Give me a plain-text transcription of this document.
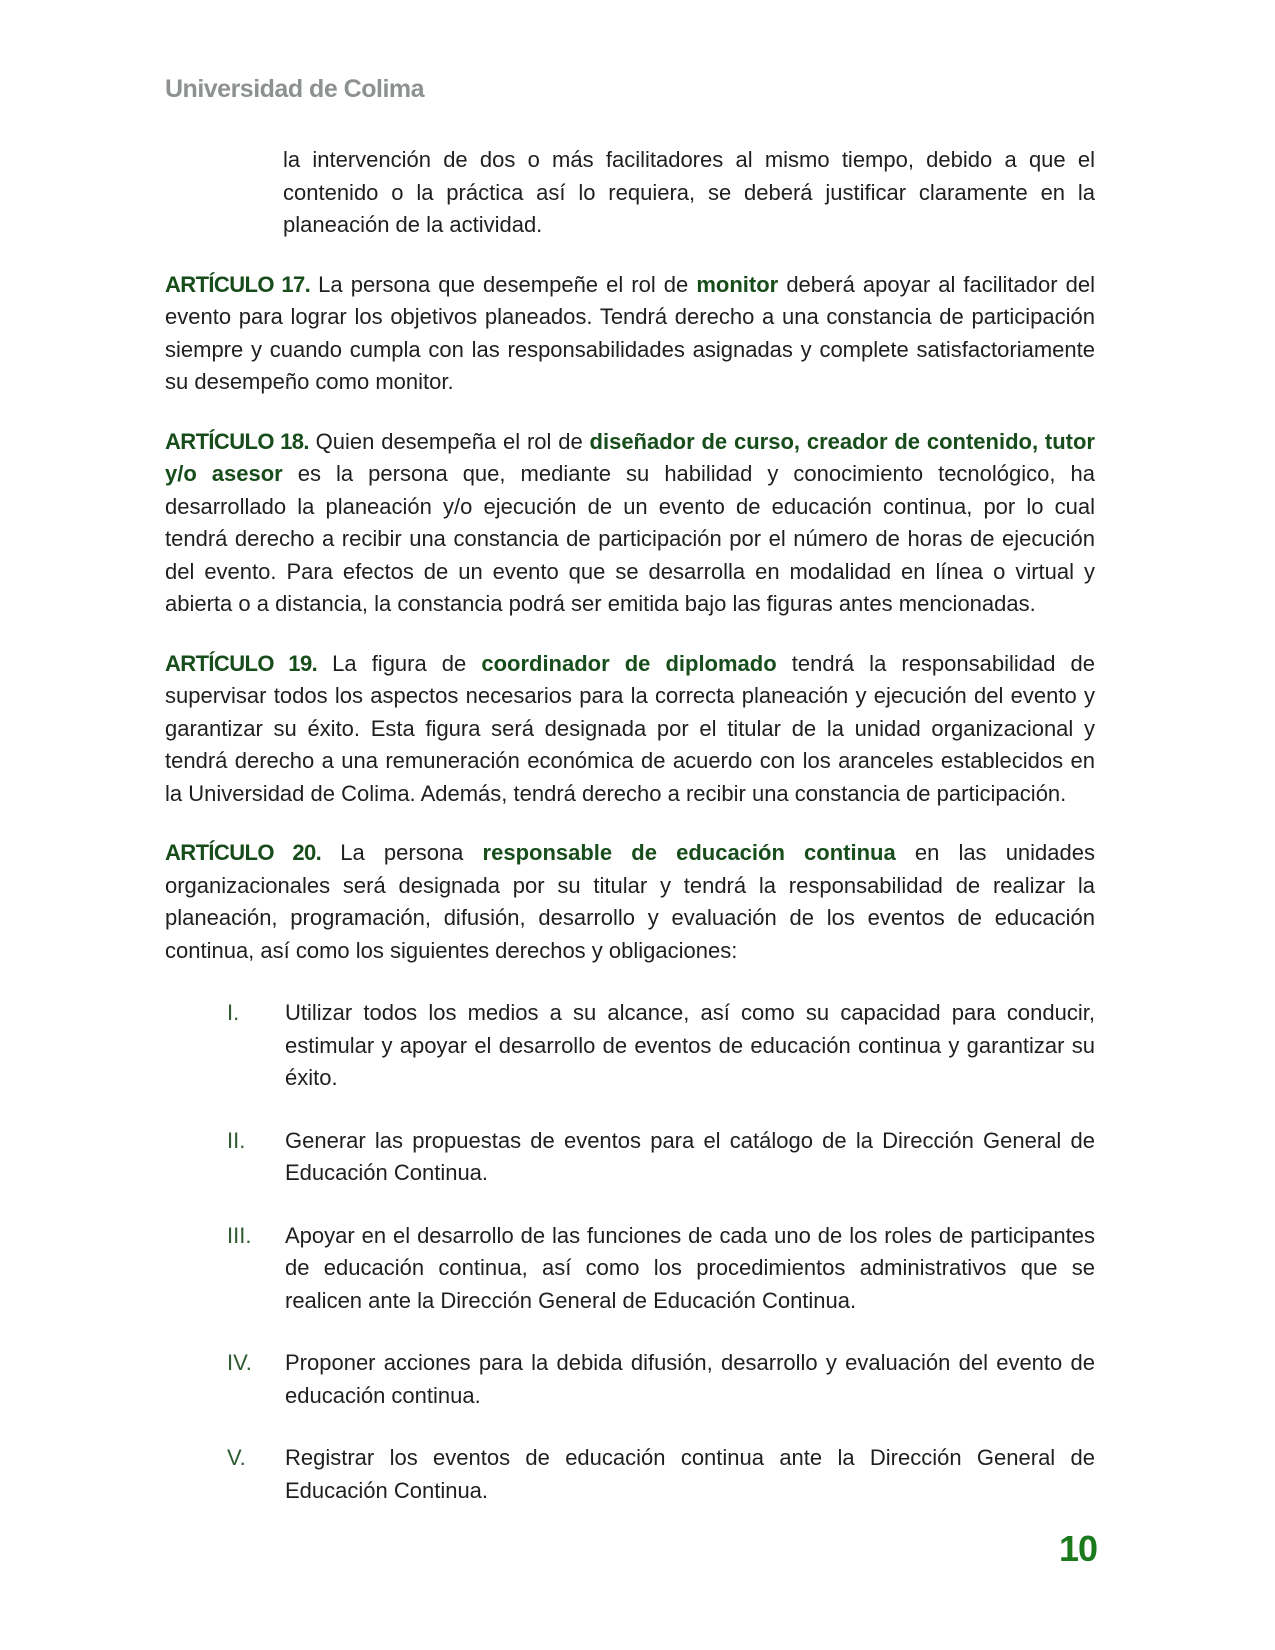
Universidad de Colima

la intervención de dos o más facilitadores al mismo tiempo, debido a que el contenido o la práctica así lo requiera, se deberá justificar claramente en la planeación de la actividad.

ARTÍCULO 17. La persona que desempeñe el rol de monitor deberá apoyar al facilitador del evento para lograr los objetivos planeados. Tendrá derecho a una constancia de participación siempre y cuando cumpla con las responsabilidades asignadas y complete satisfactoriamente su desempeño como monitor.

ARTÍCULO 18. Quien desempeña el rol de diseñador de curso, creador de contenido, tutor y/o asesor es la persona que, mediante su habilidad y conocimiento tecnológico, ha desarrollado la planeación y/o ejecución de un evento de educación continua, por lo cual tendrá derecho a recibir una constancia de participación por el número de horas de ejecución del evento. Para efectos de un evento que se desarrolla en modalidad en línea o virtual y abierta o a distancia, la constancia podrá ser emitida bajo las figuras antes mencionadas.

ARTÍCULO 19. La figura de coordinador de diplomado tendrá la responsabilidad de supervisar todos los aspectos necesarios para la correcta planeación y ejecución del evento y garantizar su éxito. Esta figura será designada por el titular de la unidad organizacional y tendrá derecho a una remuneración económica de acuerdo con los aranceles establecidos en la Universidad de Colima. Además, tendrá derecho a recibir una constancia de participación.

ARTÍCULO 20. La persona responsable de educación continua en las unidades organizacionales será designada por su titular y tendrá la responsabilidad de realizar la planeación, programación, difusión, desarrollo y evaluación de los eventos de educación continua, así como los siguientes derechos y obligaciones:

I. Utilizar todos los medios a su alcance, así como su capacidad para conducir, estimular y apoyar el desarrollo de eventos de educación continua y garantizar su éxito.
II. Generar las propuestas de eventos para el catálogo de la Dirección General de Educación Continua.
III. Apoyar en el desarrollo de las funciones de cada uno de los roles de participantes de educación continua, así como los procedimientos administrativos que se realicen ante la Dirección General de Educación Continua.
IV. Proponer acciones para la debida difusión, desarrollo y evaluación del evento de educación continua.
V. Registrar los eventos de educación continua ante la Dirección General de Educación Continua.
10
